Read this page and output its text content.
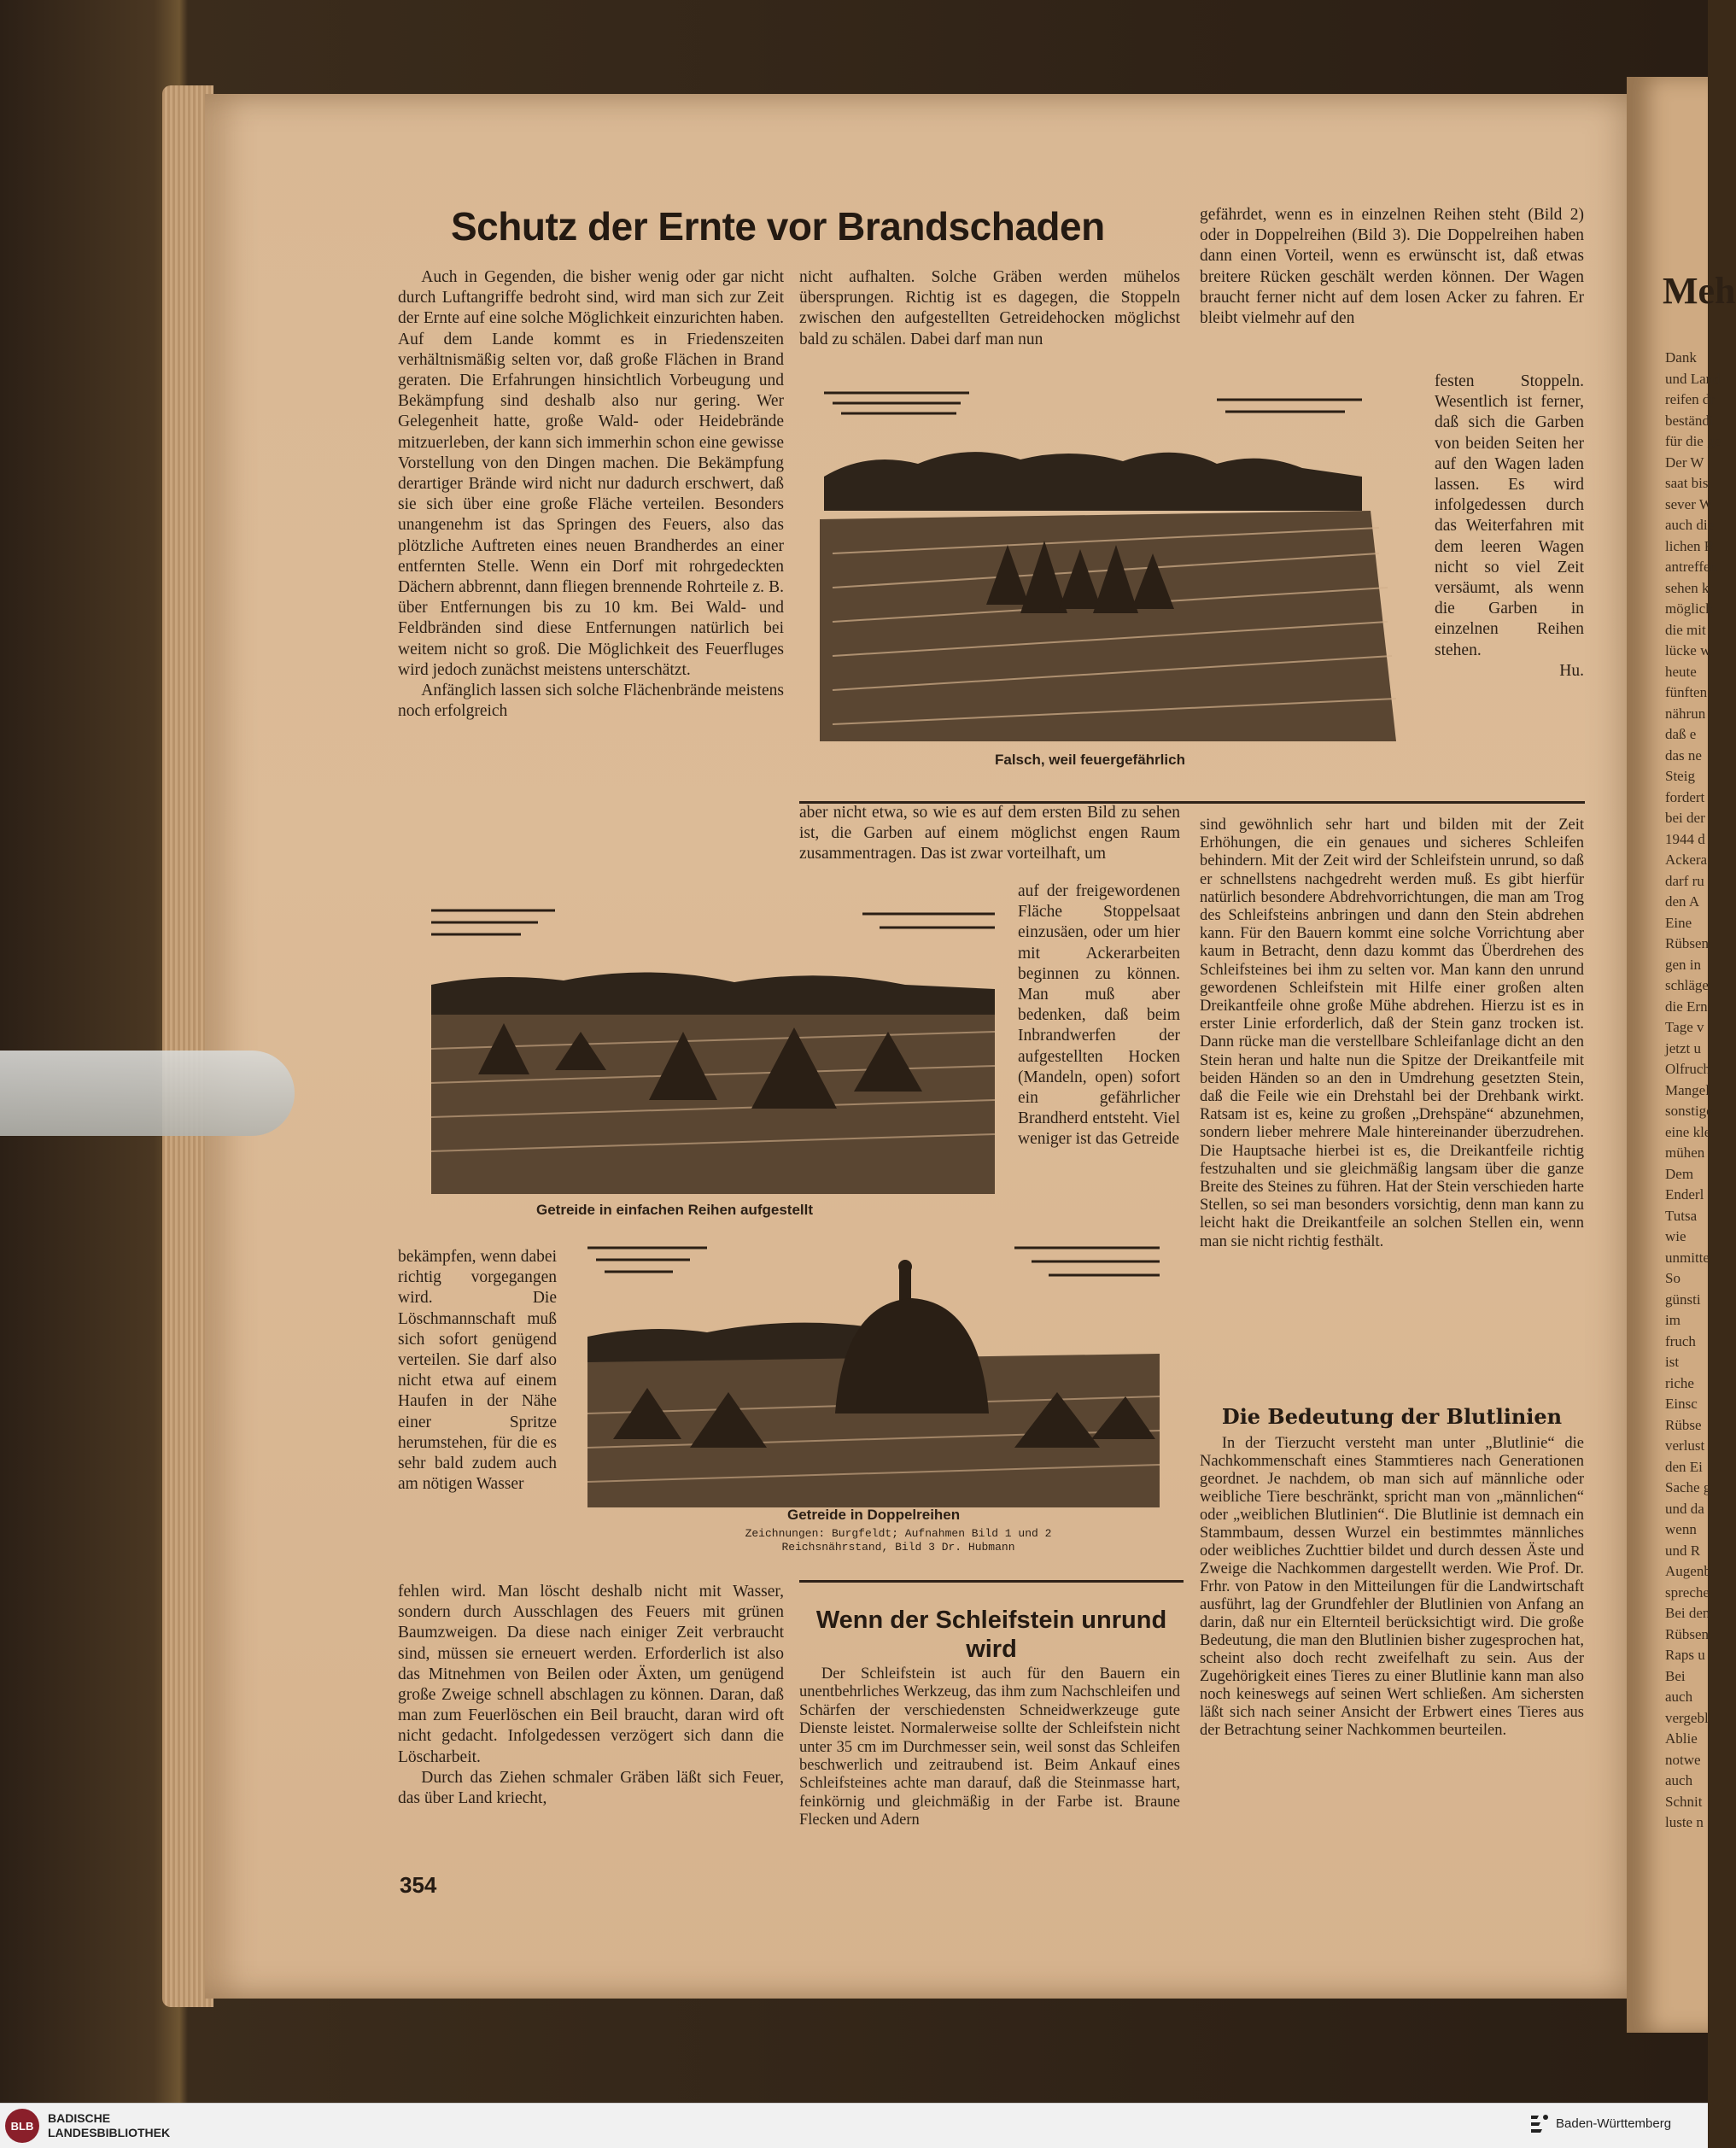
Meh
Dank
und Land
reifen dr
beständi
für die ge
Der W
saat bis
sever W
auch die
lichen R
antreffen
sehen k
möglich
die mit
lücke w
heute
fünften
nährun
daß e
das ne
Steig
fordert
bei der
1944 d
Ackera
darf ru
den A
Eine
Rübsen
gen in
schläge
die Ern
Tage v
jetzt u
Olfruch
Mangel
sonstige
eine kle
mühen
Dem
Enderl
Tutsa
wie
unmitte
So
günsti
im
fruch
ist
riche
Einsc
Rübse
verlust
den Ei
Sache g
und da
wenn
und R
Augenb
spreche
Bei den
Rübsen
Raps u
Bei
auch
vergebl
Ablie
notwe
auch
Schnit
luste n
Schutz der Ernte vor Brandschaden

Auch in Gegenden, die bisher wenig oder gar nicht durch Luftangriffe bedroht sind, wird man sich zur Zeit der Ernte auf eine solche Möglichkeit einzurichten haben. Auf dem Lande kommt es in Friedenszeiten verhältnismäßig selten vor, daß große Flächen in Brand geraten. Die Erfahrungen hinsichtlich Vorbeugung und Bekämpfung sind deshalb also nur gering. Wer Gelegenheit hatte, große Wald- oder Heidebrände mitzuerleben, der kann sich immerhin schon eine gewisse Vorstellung von den Dingen machen. Die Bekämpfung derartiger Brände wird nicht nur dadurch erschwert, daß sie sich über eine große Fläche verteilen. Besonders unangenehm ist das Springen des Feuers, also das plötzliche Auftreten eines neuen Brandherdes an einer entfernten Stelle. Wenn ein Dorf mit rohrgedeckten Dächern abbrennt, dann fliegen brennende Rohrteile z. B. über Entfernungen bis zu 10 km. Bei Wald- und Feldbränden sind diese Entfernungen natürlich bei weitem nicht so groß. Die Möglichkeit des Feuerfluges wird jedoch zunächst meistens unterschätzt.

Anfänglich lassen sich solche Flächenbrände meistens noch erfolgreich

nicht aufhalten. Solche Gräben werden mühelos übersprungen. Richtig ist es dagegen, die Stoppeln zwischen den aufgestellten Getreidehocken möglichst bald zu schälen. Dabei darf man nun

gefährdet, wenn es in einzelnen Reihen steht (Bild 2) oder in Doppelreihen (Bild 3). Die Doppelreihen haben dann einen Vorteil, wenn es erwünscht ist, daß etwas breitere Rücken geschält werden können. Der Wagen braucht ferner nicht auf dem losen Acker zu fahren. Er bleibt vielmehr auf den

festen Stoppeln. Wesentlich ist ferner, daß sich die Garben von beiden Seiten her auf den Wagen laden lassen. Es wird infolgedessen durch das Weiterfahren mit dem leeren Wagen nicht so viel Zeit versäumt, als wenn die Garben in einzelnen Reihen stehen.

Hu.

Falsch, weil feuergefährlich

aber nicht etwa, so wie es auf dem ersten Bild zu sehen ist, die Garben auf einem möglichst engen Raum zusammentragen. Das ist zwar vorteilhaft, um

auf der freigewordenen Fläche Stoppelsaat einzusäen, oder um hier mit Ackerarbeiten beginnen zu können. Man muß aber bedenken, daß beim Inbrandwerfen der aufgestellten Hocken (Mandeln, open) sofort ein gefährlicher Brandherd entsteht. Viel weniger ist das Getreide

Getreide in einfachen Reihen aufgestellt

bekämpfen, wenn dabei richtig vorgegangen wird. Die Löschmannschaft muß sich sofort genügend verteilen. Sie darf also nicht etwa auf einem Haufen in der Nähe einer Spritze herumstehen, für die es sehr bald zudem auch am nötigen Wasser

fehlen wird. Man löscht deshalb nicht mit Wasser, sondern durch Ausschlagen des Feuers mit grünen Baumzweigen. Da diese nach einiger Zeit verbraucht sind, müssen sie erneuert werden. Erforderlich ist also das Mitnehmen von Beilen oder Äxten, um genügend große Zweige schnell abschlagen zu können. Daran, daß man zum Feuerlöschen ein Beil braucht, daran wird oft nicht gedacht. Infolgedessen verzögert sich dann die Löscharbeit.

Durch das Ziehen schmaler Gräben läßt sich Feuer, das über Land kriecht,

Getreide in Doppelreihen
Zeichnungen: Burgfeldt; Aufnahmen Bild 1 und 2 Reichsnährstand, Bild 3 Dr. Hubmann
Wenn der Schleifstein unrund wird

Der Schleifstein ist auch für den Bauern ein unentbehrliches Werkzeug, das ihm zum Nachschleifen und Schärfen der verschiedensten Schneidwerkzeuge gute Dienste leistet. Normalerweise sollte der Schleifstein nicht unter 35 cm im Durchmesser sein, weil sonst das Schleifen beschwerlich und zeitraubend ist. Beim Ankauf eines Schleifsteines achte man darauf, daß die Steinmasse hart, feinkörnig und gleichmäßig in der Farbe ist. Braune Flecken und Adern

sind gewöhnlich sehr hart und bilden mit der Zeit Erhöhungen, die ein genaues und sicheres Schleifen behindern. Mit der Zeit wird der Schleifstein unrund, so daß er schnellstens nachgedreht werden muß. Es gibt hierfür natürlich besondere Abdrehvorrichtungen, die man am Trog des Schleifsteins anbringen und dann den Stein abdrehen kann. Für den Bauern kommt eine solche Vorrichtung aber kaum in Betracht, denn dazu kommt das Überdrehen des Schleifsteines bei ihm zu selten vor. Man kann den unrund gewordenen Schleifstein mit Hilfe einer großen alten Dreikantfeile ohne große Mühe abdrehen. Hierzu ist es in erster Linie erforderlich, daß der Stein ganz trocken ist. Dann rücke man die verstellbare Schleifanlage dicht an den Stein heran und halte nun die Spitze der Dreikantfeile mit beiden Händen so an den in Umdrehung gesetzten Stein, daß die Feile wie ein Drehstahl bei der Drehbank wirkt. Ratsam ist es, keine zu großen „Drehspäne“ abzunehmen, sondern lieber mehrere Male hintereinander überzudrehen. Die Hauptsache hierbei ist es, die Dreikantfeile richtig festzuhalten und sie gleichmäßig langsam über die ganze Breite des Steines zu führen. Hat der Stein verschieden harte Stellen, so sei man besonders vorsichtig, denn man kann zu leicht hakt die Dreikantfeile an solchen Stellen ein, wenn man sie nicht richtig festhält.

Die Bedeutung der Blutlinien

In der Tierzucht versteht man unter „Blutlinie“ die Nachkommenschaft eines Stammtieres nach Generationen geordnet. Je nachdem, ob man sich auf männliche oder weibliche Tiere beschränkt, spricht man von „männlichen“ oder „weiblichen Blutlinien“. Die Blutlinie ist demnach ein Stammbaum, dessen Wurzel ein bestimmtes männliches oder weibliches Zuchttier bildet und durch dessen Äste und Zweige die Nachkommen dargestellt werden. Wie Prof. Dr. Frhr. von Patow in den Mitteilungen für die Landwirtschaft ausführt, lag der Grundfehler der Blutlinien von Anfang an darin, daß nur ein Elternteil berücksichtigt wird. Die große Bedeutung, die man den Blutlinien bisher zugesprochen hat, scheint also doch recht zweifelhaft zu sein. Aus der Zugehörigkeit eines Tieres zu einer Blutlinie kann man also noch keineswegs auf seinen Wert schließen. Am sichersten läßt sich nach seiner Ansicht der Erbwert eines Tieres aus der Betrachtung seiner Nachkommen beurteilen.

354
BLB
BADISCHE
LANDESBIBLIOTHEK
Baden-Württemberg
